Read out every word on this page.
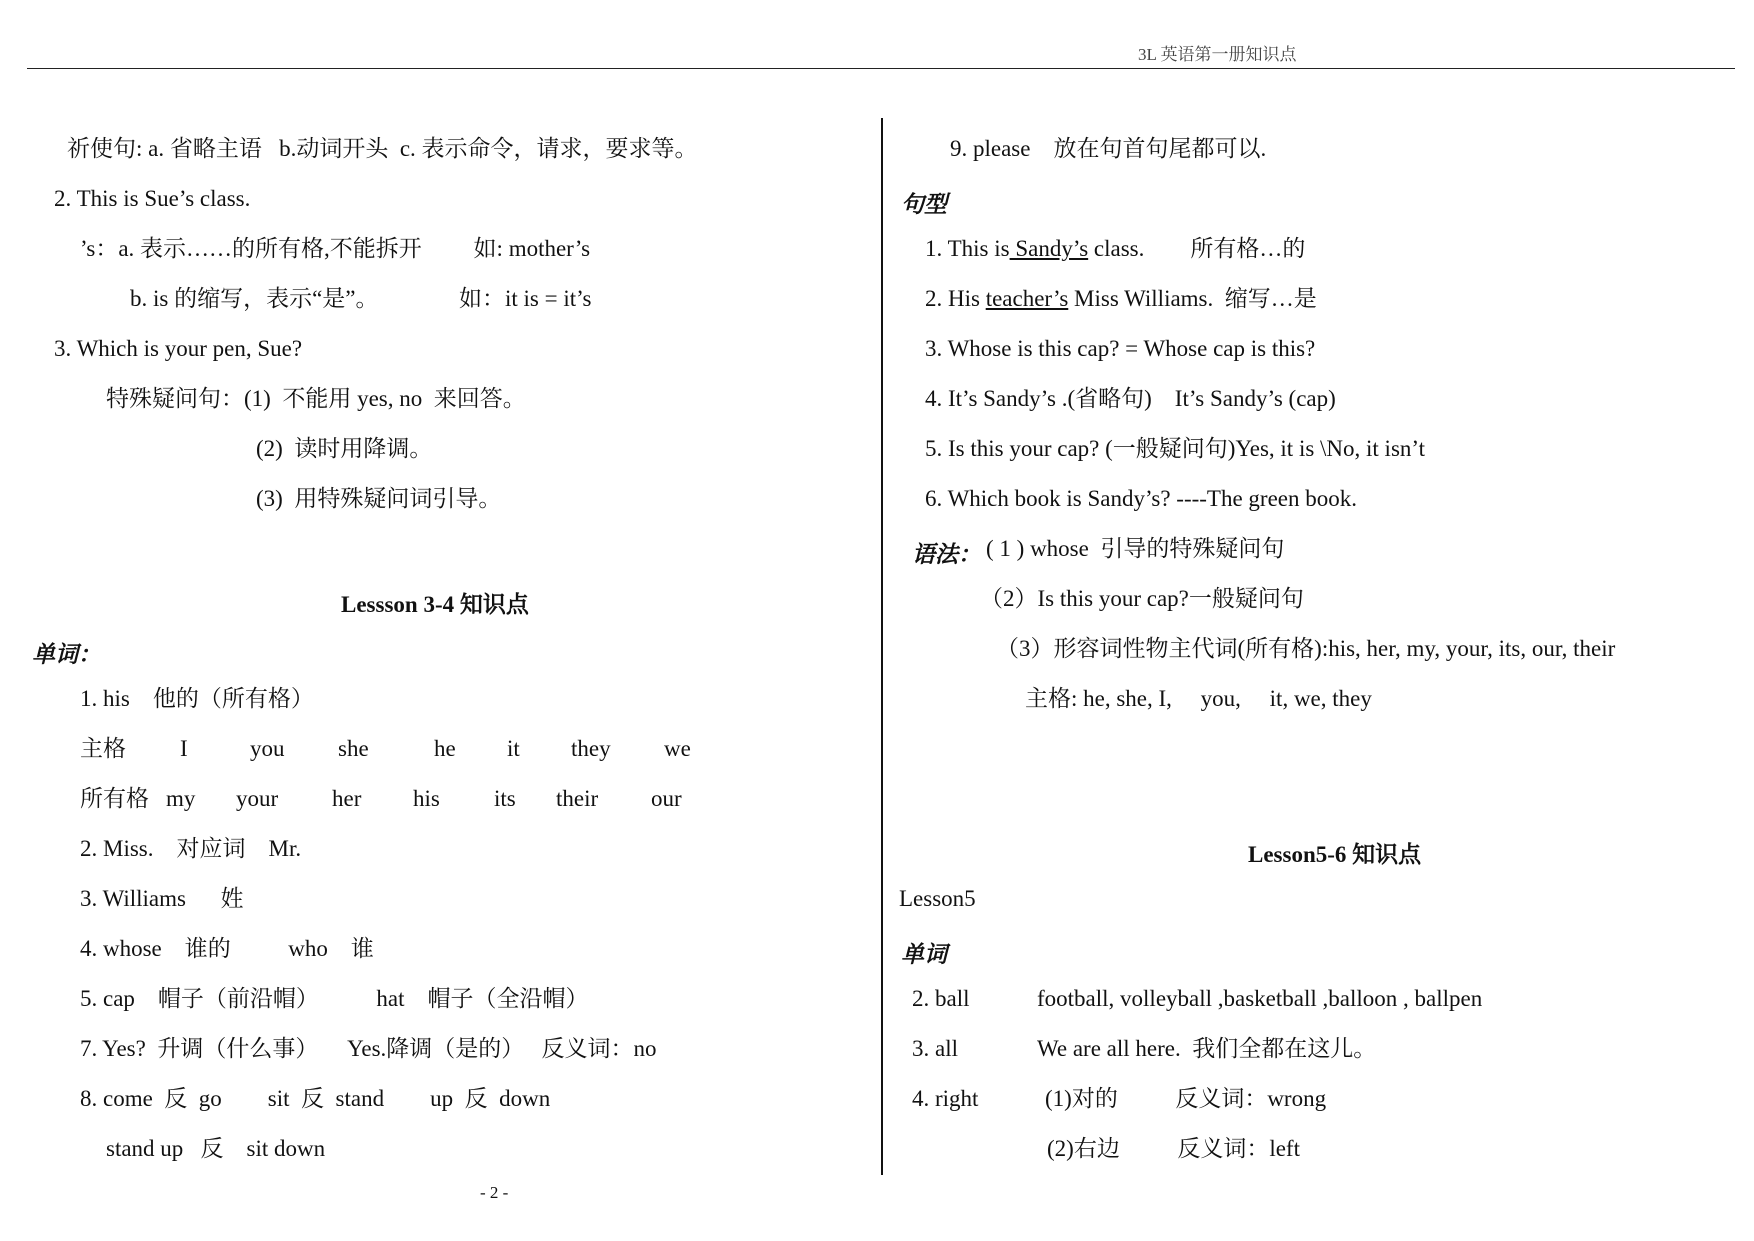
3L 英语第一册知识点
祈使句: a. 省略主语   b.动词开头  c. 表示命令，请求，要求等。
2. This is Sue’s class.
’s：a. 表示……的所有格,不能拆开         如: mother’s
b. is 的缩写，表示“是”。              如：it is = it’s
3. Which is your pen, Sue?
特殊疑问句：(1)  不能用 yes, no  来回答。
(2)  读时用降调。
(3)  用特殊疑问词引导。
Lessson 3-4 知识点
单词：
1. his    他的（所有格）
主格 I	you she	he it they we
所有格 my your her his its their our
2. Miss.    对应词    Mr.
3. Williams      姓
4. whose    谁的          who    谁
5. cap    帽子（前沿帽）          hat    帽子（全沿帽）
7. Yes?  升调（什么事）     Yes.降调（是的）   反义词：no
8. come  反  go        sit  反  stand        up  反  down
stand up   反    sit down
- 2 -
9. please    放在句首句尾都可以.
句型
1. This is Sandy’s class.        所有格…的
2. His teacher’s Miss Williams.  缩写…是
3. Whose is this cap? = Whose cap is this?
4. It’s Sandy’s .(省略句)    It’s Sandy’s (cap)
5. Is this your cap? (一般疑问句)Yes, it is \No, it isn’t
6. Which book is Sandy’s? ----The green book.
语法： ( 1 ) whose  引导的特殊疑问句
（2）Is this your cap?一般疑问句
（3）形容词性物主代词(所有格):his, her, my, your, its, our, their
主格: he, she, I,     you,     it, we, they
Lesson5-6 知识点
Lesson5
单词
2. ball	football, volleyball ,basketball ,balloon , ballpen
3. all	We are all here.  我们全都在这儿。
4. right	(1)对的          反义词：wrong
(2)右边          反义词：left
